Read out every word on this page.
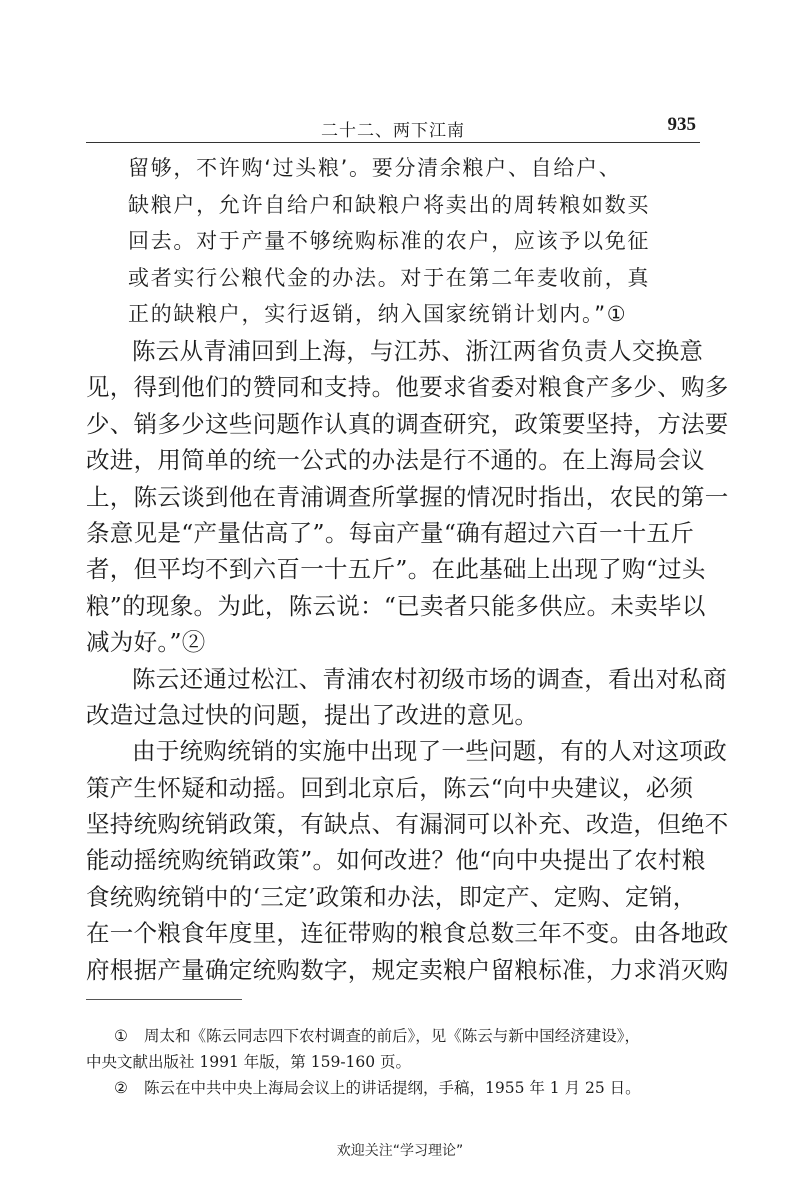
二十二、两下江南	935
留够，不许购‘过头粮’。要分清余粮户、自给户、
缺粮户，允许自给户和缺粮户将卖出的周转粮如数买
回去。对于产量不够统购标准的农户，应该予以免征
或者实行公粮代金的办法。对于在第二年麦收前，真
正的缺粮户，实行返销，纳入国家统销计划内。”①
陈云从青浦回到上海，与江苏、浙江两省负责人交换意
见，得到他们的赞同和支持。他要求省委对粮食产多少、购多
少、销多少这些问题作认真的调查研究，政策要坚持，方法要
改进，用简单的统一公式的办法是行不通的。在上海局会议
上，陈云谈到他在青浦调查所掌握的情况时指出，农民的第一
条意见是“产量估高了”。每亩产量“确有超过六百一十五斤
者，但平均不到六百一十五斤”。在此基础上出现了购“过头
粮”的现象。为此，陈云说：“已卖者只能多供应。未卖毕以
减为好。”②
陈云还通过松江、青浦农村初级市场的调查，看出对私商
改造过急过快的问题，提出了改进的意见。
由于统购统销的实施中出现了一些问题，有的人对这项政
策产生怀疑和动摇。回到北京后，陈云“向中央建议，必须
坚持统购统销政策，有缺点、有漏洞可以补充、改造，但绝不
能动摇统购统销政策”。如何改进？他“向中央提出了农村粮
食统购统销中的‘三定’政策和办法，即定产、定购、定销，
在一个粮食年度里，连征带购的粮食总数三年不变。由各地政
府根据产量确定统购数字，规定卖粮户留粮标准，力求消灭购
① 周太和《陈云同志四下农村调查的前后》，见《陈云与新中国经济建设》，
中央文献出版社 1991 年版，第 159-160 页。
② 陈云在中共中央上海局会议上的讲话提纲，手稿，1955 年 1 月 25 日。
欢迎关注“学习理论”
